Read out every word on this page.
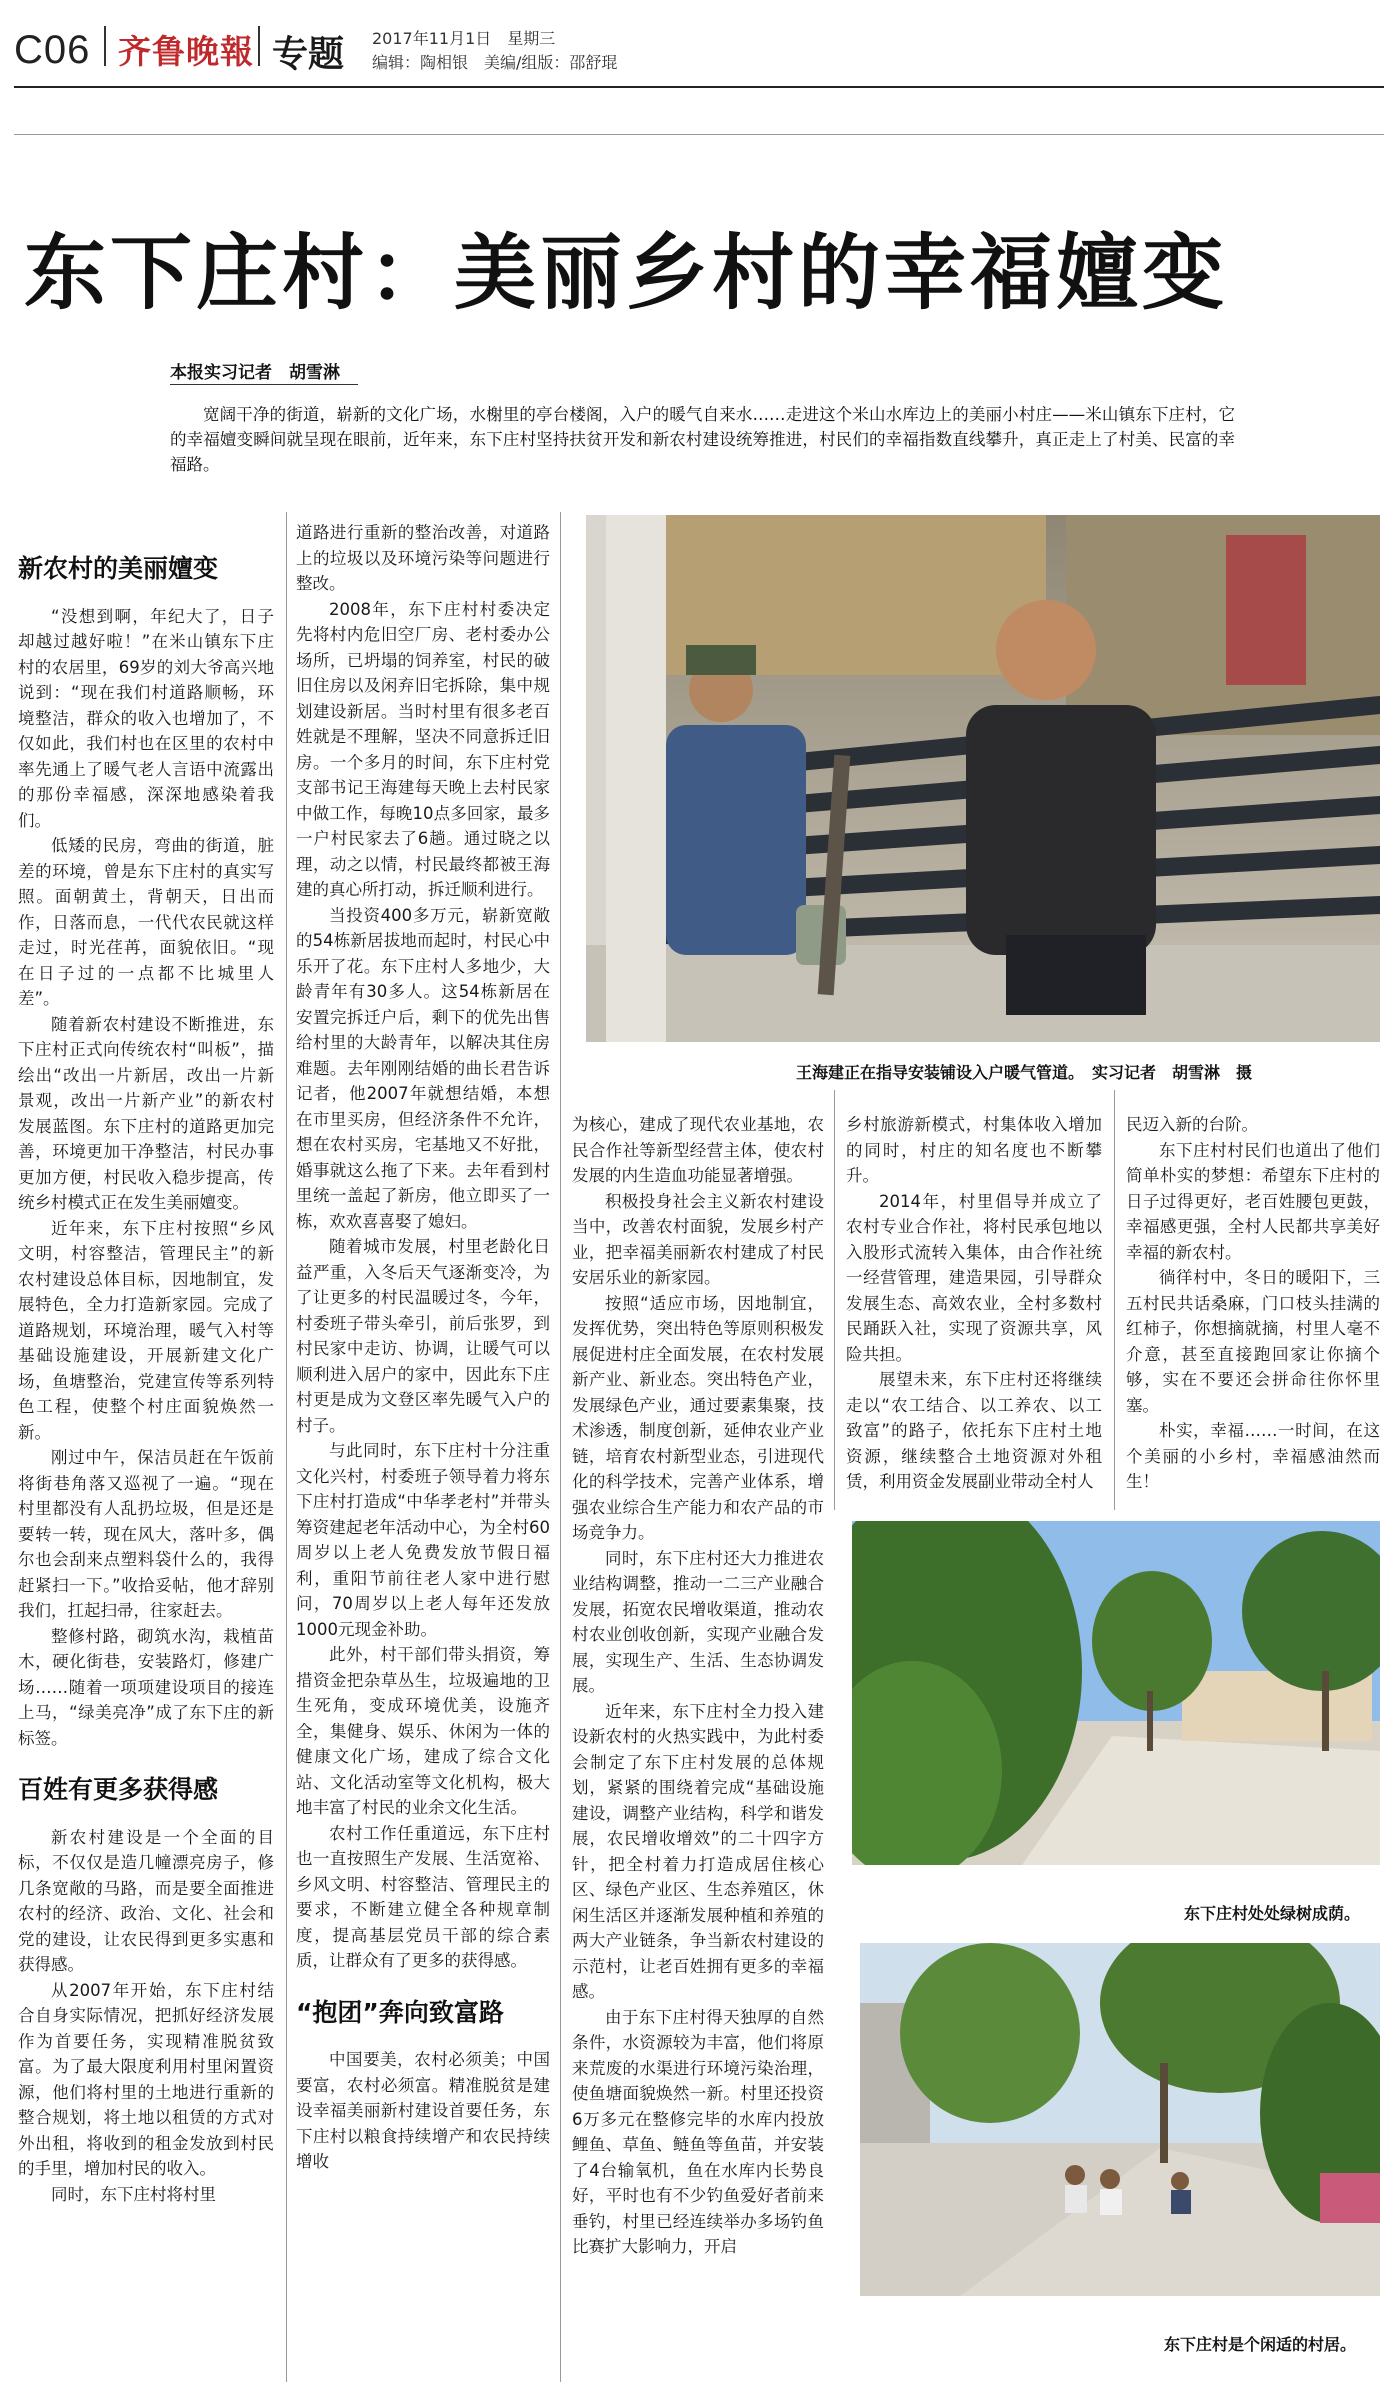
C06 齐鲁晚報 专题 2017年11月1日　星期三
编辑：陶相银　美编/组版：邵舒琨
东下庄村：美丽乡村的幸福嬗变
本报实习记者　胡雪淋

宽阔干净的街道，崭新的文化广场，水榭里的亭台楼阁，入户的暖气自来水……走进这个米山水库边上的美丽小村庄——米山镇东下庄村，它的幸福嬗变瞬间就呈现在眼前，近年来，东下庄村坚持扶贫开发和新农村建设统筹推进，村民们的幸福指数直线攀升，真正走上了村美、民富的幸福路。

王海建正在指导安装铺设入户暖气管道。　实习记者　胡雪淋　摄
东下庄村处处绿树成荫。
东下庄村是个闲适的村居。
新农村的美丽嬗变

“没想到啊，年纪大了，日子却越过越好啦！”在米山镇东下庄村的农居里，69岁的刘大爷高兴地说到：“现在我们村道路顺畅，环境整洁，群众的收入也增加了，不仅如此，我们村也在区里的农村中率先通上了暖气老人言语中流露出的那份幸福感，深深地感染着我们。

低矮的民房，弯曲的街道，脏差的环境，曾是东下庄村的真实写照。面朝黄土，背朝天，日出而作，日落而息，一代代农民就这样走过，时光荏苒，面貌依旧。“现在日子过的一点都不比城里人差”。

随着新农村建设不断推进，东下庄村正式向传统农村“叫板”，描绘出“改出一片新居，改出一片新景观，改出一片新产业”的新农村发展蓝图。东下庄村的道路更加完善，环境更加干净整洁，村民办事更加方便，村民收入稳步提高，传统乡村模式正在发生美丽嬗变。

近年来，东下庄村按照“乡风文明，村容整洁，管理民主”的新农村建设总体目标，因地制宜，发展特色，全力打造新家园。完成了道路规划，环境治理，暖气入村等基础设施建设，开展新建文化广场，鱼塘整治，党建宣传等系列特色工程，使整个村庄面貌焕然一新。

刚过中午，保洁员赶在午饭前将街巷角落又巡视了一遍。“现在村里都没有人乱扔垃圾，但是还是要转一转，现在风大，落叶多，偶尔也会刮来点塑料袋什么的，我得赶紧扫一下。”收拾妥帖，他才辞别我们，扛起扫帚，往家赶去。

整修村路，砌筑水沟，栽植苗木，硬化街巷，安装路灯，修建广场……随着一项项建设项目的接连上马，“绿美亮净”成了东下庄的新标签。

百姓有更多获得感

新农村建设是一个全面的目标，不仅仅是造几幢漂亮房子，修几条宽敞的马路，而是要全面推进农村的经济、政治、文化、社会和党的建设，让农民得到更多实惠和获得感。

从2007年开始，东下庄村结合自身实际情况，把抓好经济发展作为首要任务，实现精准脱贫致富。为了最大限度利用村里闲置资源，他们将村里的土地进行重新的整合规划，将土地以租赁的方式对外出租，将收到的租金发放到村民的手里，增加村民的收入。

同时，东下庄村将村里

道路进行重新的整治改善，对道路上的垃圾以及环境污染等问题进行整改。

2008年，东下庄村村委决定先将村内危旧空厂房、老村委办公场所，已坍塌的饲养室，村民的破旧住房以及闲弃旧宅拆除，集中规划建设新居。当时村里有很多老百姓就是不理解，坚决不同意拆迁旧房。一个多月的时间，东下庄村党支部书记王海建每天晚上去村民家中做工作，每晚10点多回家，最多一户村民家去了6趟。通过晓之以理，动之以情，村民最终都被王海建的真心所打动，拆迁顺利进行。

当投资400多万元，崭新宽敞的54栋新居拔地而起时，村民心中乐开了花。东下庄村人多地少，大龄青年有30多人。这54栋新居在安置完拆迁户后，剩下的优先出售给村里的大龄青年，以解决其住房难题。去年刚刚结婚的曲长君告诉记者，他2007年就想结婚，本想在市里买房，但经济条件不允许，想在农村买房，宅基地又不好批，婚事就这么拖了下来。去年看到村里统一盖起了新房，他立即买了一栋，欢欢喜喜娶了媳妇。

随着城市发展，村里老龄化日益严重，入冬后天气逐渐变冷，为了让更多的村民温暖过冬，今年，村委班子带头牵引，前后张罗，到村民家中走访、协调，让暖气可以顺利进入居户的家中，因此东下庄村更是成为文登区率先暖气入户的村子。

与此同时，东下庄村十分注重文化兴村，村委班子领导着力将东下庄村打造成“中华孝老村”并带头筹资建起老年活动中心，为全村60周岁以上老人免费发放节假日福利，重阳节前往老人家中进行慰问，70周岁以上老人每年还发放1000元现金补助。

此外，村干部们带头捐资，筹措资金把杂草丛生，垃圾遍地的卫生死角，变成环境优美，设施齐全，集健身、娱乐、休闲为一体的健康文化广场，建成了综合文化站、文化活动室等文化机构，极大地丰富了村民的业余文化生活。

农村工作任重道远，东下庄村也一直按照生产发展、生活宽裕、乡风文明、村容整洁、管理民主的要求，不断建立健全各种规章制度，提高基层党员干部的综合素质，让群众有了更多的获得感。

“抱团”奔向致富路

中国要美，农村必须美；中国要富，农村必须富。精准脱贫是建设幸福美丽新村建设首要任务，东下庄村以粮食持续增产和农民持续增收

为核心，建成了现代农业基地，农民合作社等新型经营主体，使农村发展的内生造血功能显著增强。

积极投身社会主义新农村建设当中，改善农村面貌，发展乡村产业，把幸福美丽新农村建成了村民安居乐业的新家园。

按照“适应市场，因地制宜，发挥优势，突出特色等原则积极发展促进村庄全面发展，在农村发展新产业、新业态。突出特色产业，发展绿色产业，通过要素集聚，技术渗透，制度创新，延伸农业产业链，培育农村新型业态，引进现代化的科学技术，完善产业体系，增强农业综合生产能力和农产品的市场竞争力。

同时，东下庄村还大力推进农业结构调整，推动一二三产业融合发展，拓宽农民增收渠道，推动农村农业创收创新，实现产业融合发展，实现生产、生活、生态协调发展。

近年来，东下庄村全力投入建设新农村的火热实践中，为此村委会制定了东下庄村发展的总体规划，紧紧的围绕着完成“基础设施建设，调整产业结构，科学和谐发展，农民增收增效”的二十四字方针，把全村着力打造成居住核心区、绿色产业区、生态养殖区，休闲生活区并逐渐发展种植和养殖的两大产业链条，争当新农村建设的示范村，让老百姓拥有更多的幸福感。

由于东下庄村得天独厚的自然条件，水资源较为丰富，他们将原来荒废的水渠进行环境污染治理，使鱼塘面貌焕然一新。村里还投资6万多元在整修完毕的水库内投放鲤鱼、草鱼、鲢鱼等鱼苗，并安装了4台输氧机，鱼在水库内长势良好，平时也有不少钓鱼爱好者前来垂钓，村里已经连续举办多场钓鱼比赛扩大影响力，开启

乡村旅游新模式，村集体收入增加的同时，村庄的知名度也不断攀升。

2014年，村里倡导并成立了农村专业合作社，将村民承包地以入股形式流转入集体，由合作社统一经营管理，建造果园，引导群众发展生态、高效农业，全村多数村民踊跃入社，实现了资源共享，风险共担。

展望未来，东下庄村还将继续走以“农工结合、以工养农、以工致富”的路子，依托东下庄村土地资源，继续整合土地资源对外租赁，利用资金发展副业带动全村人

民迈入新的台阶。

东下庄村村民们也道出了他们简单朴实的梦想：希望东下庄村的日子过得更好，老百姓腰包更鼓，幸福感更强，全村人民都共享美好幸福的新农村。

徜徉村中，冬日的暖阳下，三五村民共话桑麻，门口枝头挂满的红柿子，你想摘就摘，村里人毫不介意，甚至直接跑回家让你摘个够，实在不要还会拼命往你怀里塞。

朴实，幸福……一时间，在这个美丽的小乡村，幸福感油然而生！
